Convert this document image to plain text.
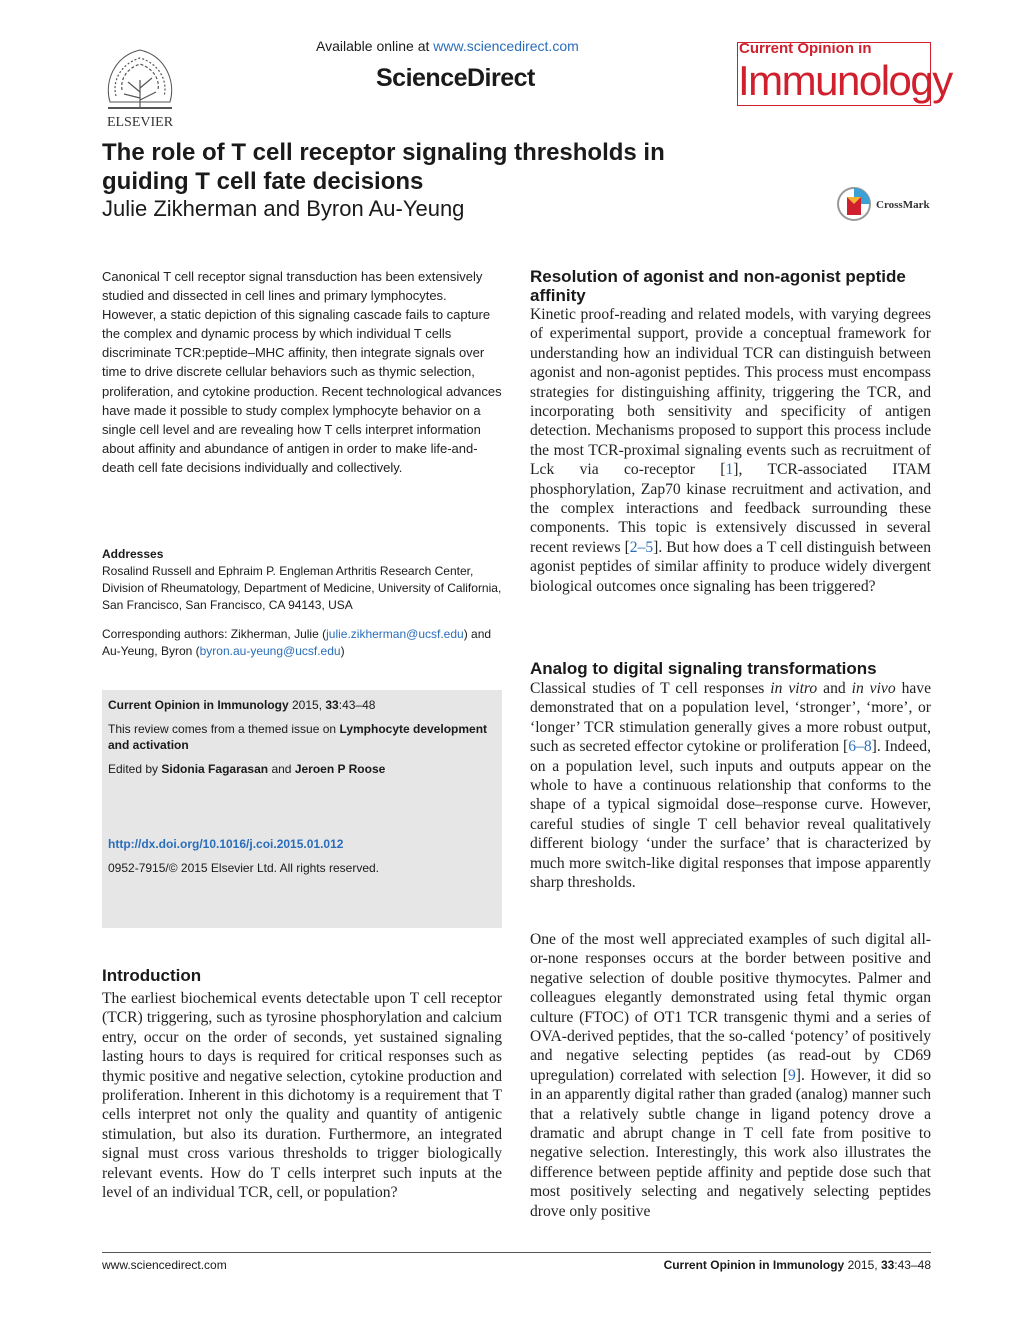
ELSEVIER
Available online at www.sciencedirect.com
ScienceDirect
Current Opinion in
Immunology
The role of T cell receptor signaling thresholds in guiding T cell fate decisions
Julie Zikherman and Byron Au-Yeung	CrossMark
Canonical T cell receptor signal transduction has been extensively studied and dissected in cell lines and primary lymphocytes. However, a static depiction of this signaling cascade fails to capture the complex and dynamic process by which individual T cells discriminate TCR:peptide–MHC affinity, then integrate signals over time to drive discrete cellular behaviors such as thymic selection, proliferation, and cytokine production. Recent technological advances have made it possible to study complex lymphocyte behavior on a single cell level and are revealing how T cells interpret information about affinity and abundance of antigen in order to make life-and-death cell fate decisions individually and collectively.
Addresses
Rosalind Russell and Ephraim P. Engleman Arthritis Research Center, Division of Rheumatology, Department of Medicine, University of California, San Francisco, San Francisco, CA 94143, USA
Corresponding authors: Zikherman, Julie (julie.zikherman@ucsf.edu) and Au-Yeung, Byron (byron.au-yeung@ucsf.edu)
Current Opinion in Immunology 2015, 33:43–48
This review comes from a themed issue on Lymphocyte development and activation
Edited by Sidonia Fagarasan and Jeroen P Roose
http://dx.doi.org/10.1016/j.coi.2015.01.012
0952-7915/© 2015 Elsevier Ltd. All rights reserved.
Introduction
The earliest biochemical events detectable upon T cell receptor (TCR) triggering, such as tyrosine phosphorylation and calcium entry, occur on the order of seconds, yet sustained signaling lasting hours to days is required for critical responses such as thymic positive and negative selection, cytokine production and proliferation. Inherent in this dichotomy is a requirement that T cells interpret not only the quality and quantity of antigenic stimulation, but also its duration. Furthermore, an integrated signal must cross various thresholds to trigger biologically relevant events. How do T cells interpret such inputs at the level of an individual TCR, cell, or population?
Resolution of agonist and non-agonist peptide affinity
Kinetic proof-reading and related models, with varying degrees of experimental support, provide a conceptual framework for understanding how an individual TCR can distinguish between agonist and non-agonist peptides. This process must encompass strategies for distinguishing affinity, triggering the TCR, and incorporating both sensitivity and specificity of antigen detection. Mechanisms proposed to support this process include the most TCR-proximal signaling events such as recruitment of Lck via co-receptor [1], TCR-associated ITAM phosphorylation, Zap70 kinase recruitment and activation, and the complex interactions and feedback surrounding these components. This topic is extensively discussed in several recent reviews [2–5]. But how does a T cell distinguish between agonist peptides of similar affinity to produce widely divergent biological outcomes once signaling has been triggered?
Analog to digital signaling transformations
Classical studies of T cell responses in vitro and in vivo have demonstrated that on a population level, ‘stronger’, ‘more’, or ‘longer’ TCR stimulation generally gives a more robust output, such as secreted effector cytokine or proliferation [6–8]. Indeed, on a population level, such inputs and outputs appear on the whole to have a continuous relationship that conforms to the shape of a typical sigmoidal dose–response curve. However, careful studies of single T cell behavior reveal qualitatively different biology ‘under the surface’ that is characterized by much more switch-like digital responses that impose apparently sharp thresholds.
One of the most well appreciated examples of such digital all-or-none responses occurs at the border between positive and negative selection of double positive thymocytes. Palmer and colleagues elegantly demonstrated using fetal thymic organ culture (FTOC) of OT1 TCR transgenic thymi and a series of OVA-derived peptides, that the so-called ‘potency’ of positively and negative selecting peptides (as read-out by CD69 upregulation) correlated with selection [9]. However, it did so in an apparently digital rather than graded (analog) manner such that a relatively subtle change in ligand potency drove a dramatic and abrupt change in T cell fate from positive to negative selection. Interestingly, this work also illustrates the difference between peptide affinity and peptide dose such that most positively selecting and negatively selecting peptides drove only positive
www.sciencedirect.com	Current Opinion in Immunology 2015, 33:43–48
